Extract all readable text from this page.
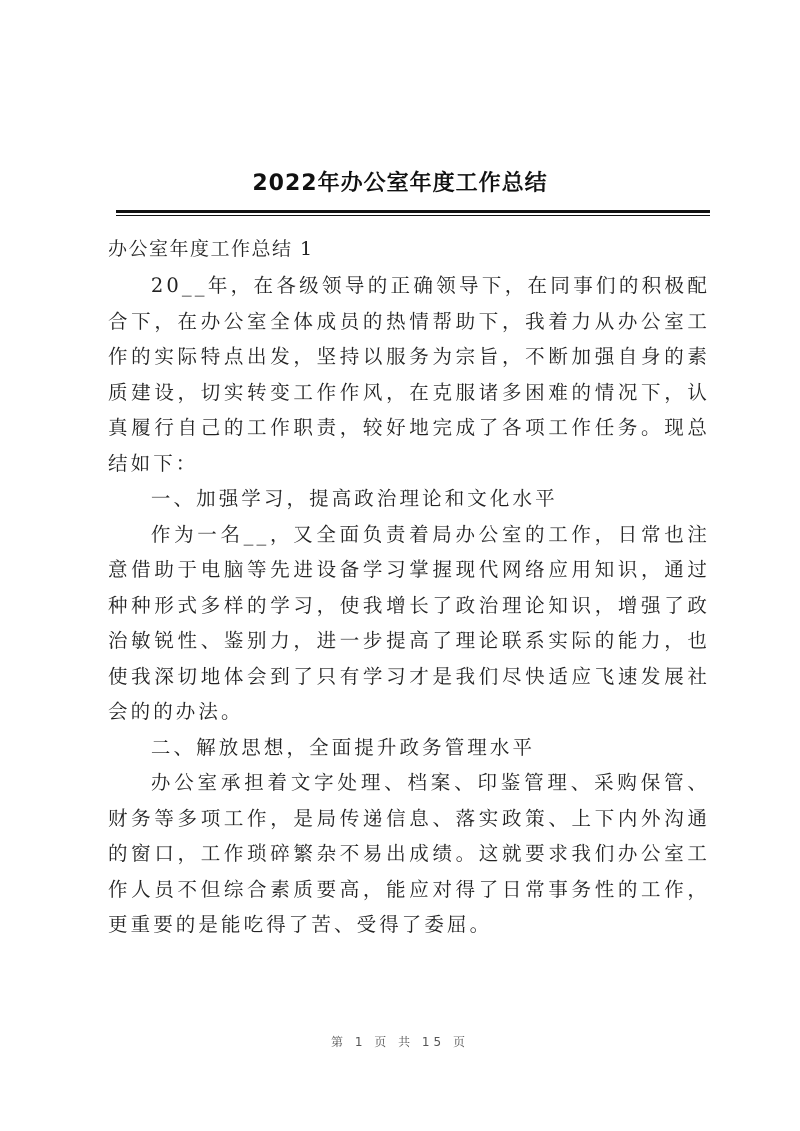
2022年办公室年度工作总结
办公室年度工作总结 1

20__年，在各级领导的正确领导下，在同事们的积极配合下，在办公室全体成员的热情帮助下，我着力从办公室工作的实际特点出发，坚持以服务为宗旨，不断加强自身的素质建设，切实转变工作作风，在克服诸多困难的情况下，认真履行自己的工作职责，较好地完成了各项工作任务。现总结如下：

一、加强学习，提高政治理论和文化水平

作为一名__，又全面负责着局办公室的工作，日常也注意借助于电脑等先进设备学习掌握现代网络应用知识，通过种种形式多样的学习，使我增长了政治理论知识，增强了政治敏锐性、鉴别力，进一步提高了理论联系实际的能力，也使我深切地体会到了只有学习才是我们尽快适应飞速发展社会的的办法。

二、解放思想，全面提升政务管理水平

办公室承担着文字处理、档案、印鉴管理、采购保管、财务等多项工作，是局传递信息、落实政策、上下内外沟通的窗口，工作琐碎繁杂不易出成绩。这就要求我们办公室工作人员不但综合素质要高，能应对得了日常事务性的工作，更重要的是能吃得了苦、受得了委屈。

第 1 页 共 15 页
